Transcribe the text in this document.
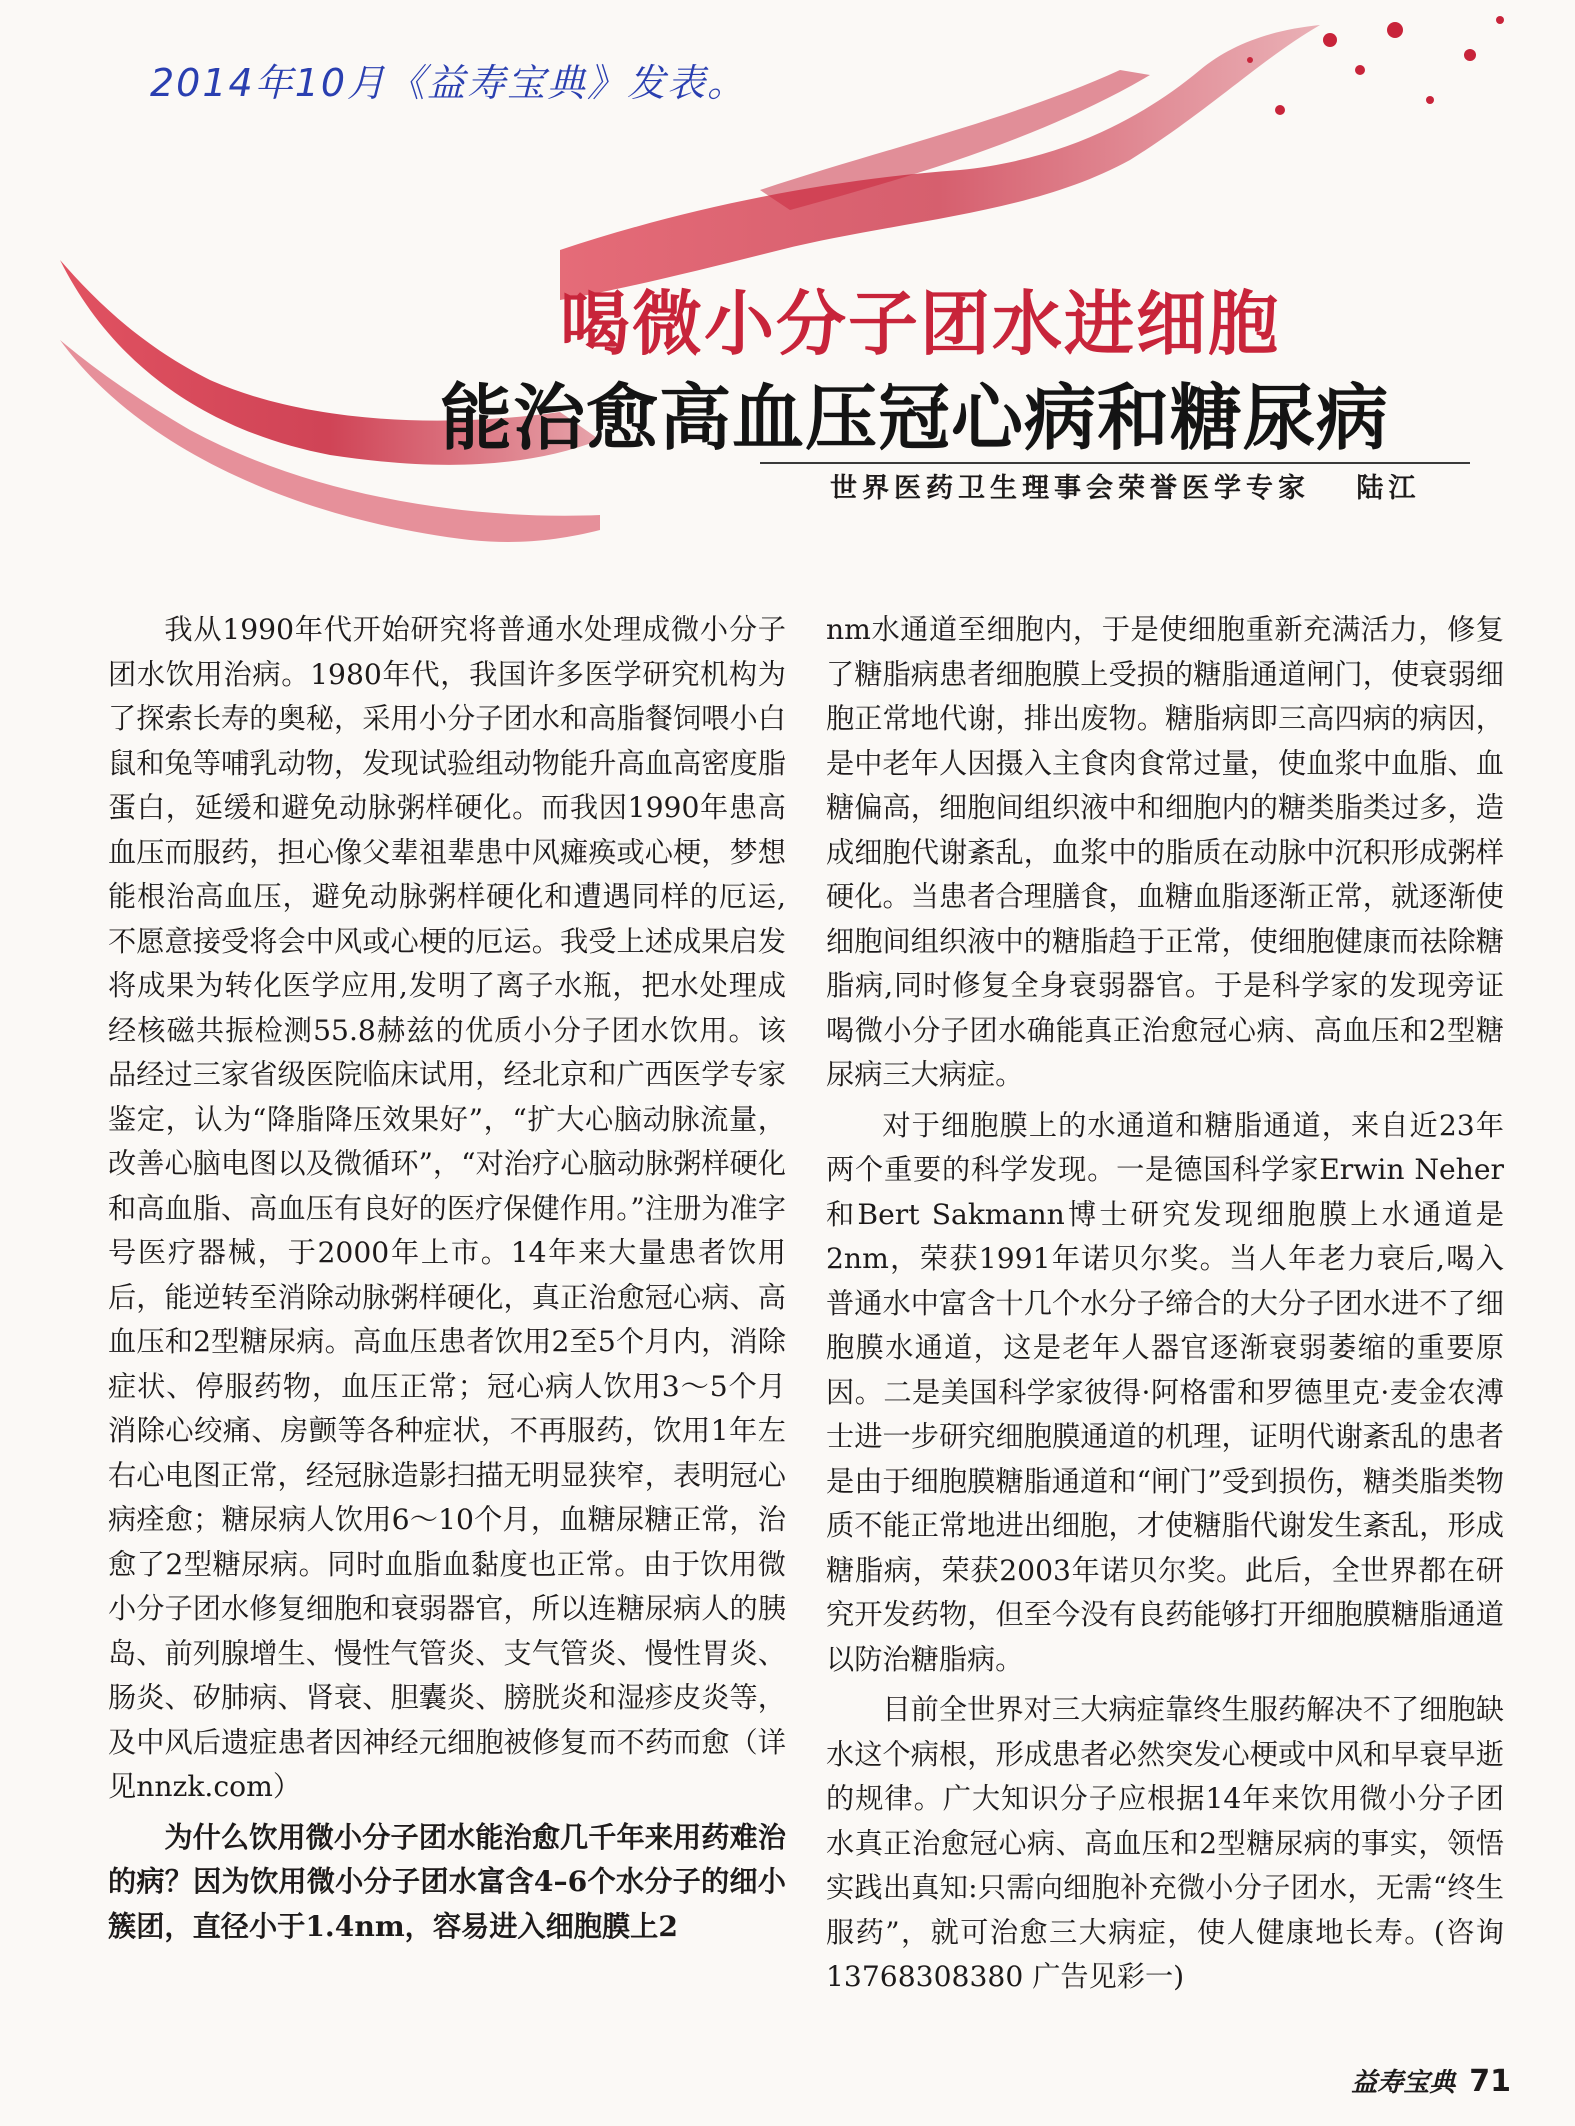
2014年10月《益寿宝典》发表。
喝微小分子团水进细胞
能治愈高血压冠心病和糖尿病
世界医药卫生理事会荣誉医学专家　 陆江

我从1990年代开始研究将普通水处理成微小分子团水饮用治病。1980年代，我国许多医学研究机构为了探索长寿的奥秘，采用小分子团水和高脂餐饲喂小白鼠和兔等哺乳动物，发现试验组动物能升高血高密度脂蛋白，延缓和避免动脉粥样硬化。而我因1990年患高血压而服药，担心像父辈祖辈患中风瘫痪或心梗，梦想能根治高血压，避免动脉粥样硬化和遭遇同样的厄运,不愿意接受将会中风或心梗的厄运。我受上述成果启发将成果为转化医学应用,发明了离子水瓶，把水处理成经核磁共振检测55.8赫兹的优质小分子团水饮用。该品经过三家省级医院临床试用，经北京和广西医学专家鉴定，认为“降脂降压效果好”，“扩大心脑动脉流量，改善心脑电图以及微循环”，“对治疗心脑动脉粥样硬化和高血脂、高血压有良好的医疗保健作用。”注册为准字号医疗器械，于2000年上市。14年来大量患者饮用后，能逆转至消除动脉粥样硬化，真正治愈冠心病、高血压和2型糖尿病。高血压患者饮用2至5个月内，消除症状、停服药物，血压正常；冠心病人饮用3～5个月消除心绞痛、房颤等各种症状，不再服药，饮用1年左右心电图正常，经冠脉造影扫描无明显狭窄，表明冠心病痊愈；糖尿病人饮用6～10个月，血糖尿糖正常，治愈了2型糖尿病。同时血脂血黏度也正常。由于饮用微小分子团水修复细胞和衰弱器官，所以连糖尿病人的胰岛、前列腺增生、慢性气管炎、支气管炎、慢性胃炎、肠炎、矽肺病、肾衰、胆囊炎、膀胱炎和湿疹皮炎等，及中风后遗症患者因神经元细胞被修复而不药而愈（详见nnzk.com）

为什么饮用微小分子团水能治愈几千年来用药难治的病？因为饮用微小分子团水富含4–6个水分子的细小簇团，直径小于1.4nm，容易进入细胞膜上2

nm水通道至细胞内，于是使细胞重新充满活力，修复了糖脂病患者细胞膜上受损的糖脂通道闸门，使衰弱细胞正常地代谢，排出废物。糖脂病即三高四病的病因，是中老年人因摄入主食肉食常过量，使血浆中血脂、血糖偏高，细胞间组织液中和细胞内的糖类脂类过多，造成细胞代谢紊乱，血浆中的脂质在动脉中沉积形成粥样硬化。当患者合理膳食，血糖血脂逐渐正常，就逐渐使细胞间组织液中的糖脂趋于正常，使细胞健康而祛除糖脂病,同时修复全身衰弱器官。于是科学家的发现旁证喝微小分子团水确能真正治愈冠心病、高血压和2型糖尿病三大病症。

对于细胞膜上的水通道和糖脂通道，来自近23年两个重要的科学发现。一是德国科学家Erwin Neher和Bert Sakmann博士研究发现细胞膜上水通道是2nm，荣获1991年诺贝尔奖。当人年老力衰后,喝入普通水中富含十几个水分子缔合的大分子团水进不了细胞膜水通道，这是老年人器官逐渐衰弱萎缩的重要原因。二是美国科学家彼得·阿格雷和罗德里克·麦金农溥士进一步研究细胞膜通道的机理，证明代谢紊乱的患者是由于细胞膜糖脂通道和“闸门”受到损伤，糖类脂类物质不能正常地进出细胞，才使糖脂代谢发生紊乱，形成糖脂病，荣获2003年诺贝尔奖。此后，全世界都在研究开发药物，但至今没有良药能够打开细胞膜糖脂通道以防治糖脂病。

目前全世界对三大病症靠终生服药解决不了细胞缺水这个病根，形成患者必然突发心梗或中风和早衰早逝的规律。广大知识分子应根据14年来饮用微小分子团水真正治愈冠心病、高血压和2型糖尿病的事实，领悟实践出真知:只需向细胞补充微小分子团水，无需“终生服药”，就可治愈三大病症，使人健康地长寿。(咨询13768308380 广告见彩一)

益寿宝典 71
